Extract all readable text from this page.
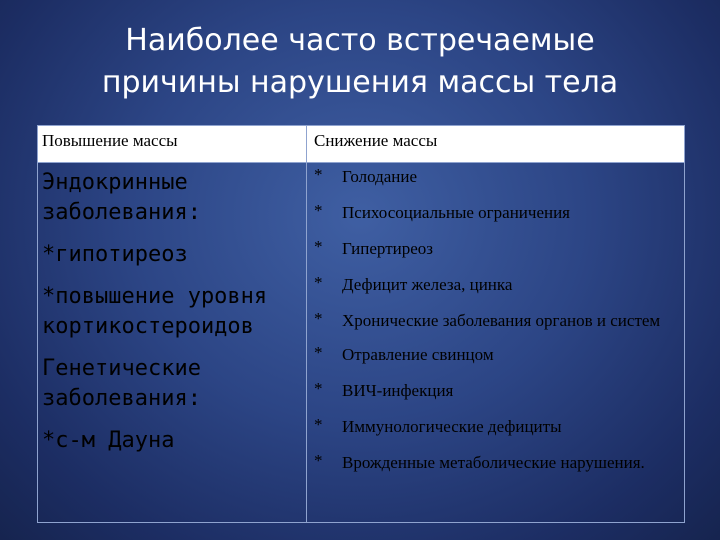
Наиболее часто встречаемые
причины нарушения массы тела
Повышение массы	Снижение массы
Эндокринные заболевания:
*гипотиреоз
*повышение уровня кортикостероидов
Генетические заболевания:
*с-м Дауна
* Голодание
* Психосоциальные ограничения
* Гипертиреоз
* Дефицит железа, цинка
* Хронические заболевания органов и систем
* Отравление свинцом
* ВИЧ-инфекция
* Иммунологические дефициты
* Врожденные метаболические нарушения.
